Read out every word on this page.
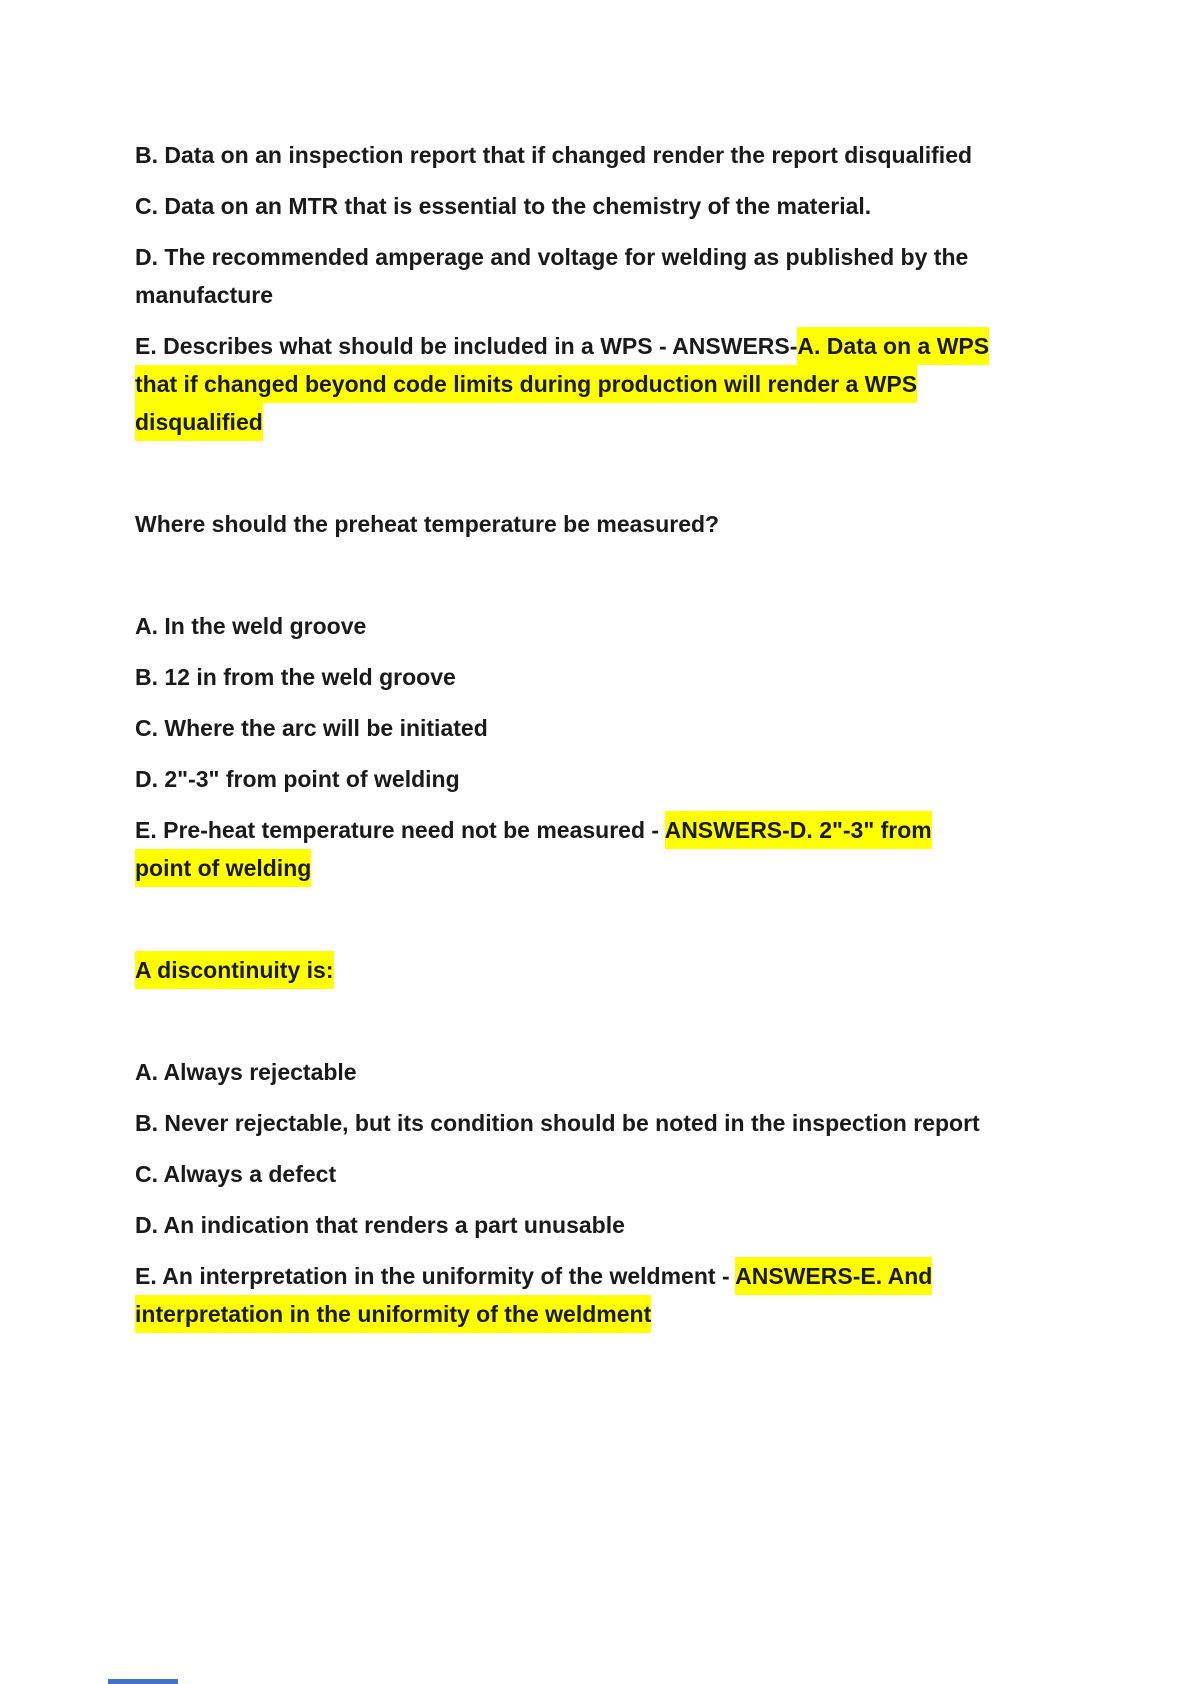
B. Data on an inspection report that if changed render the report disqualified

C. Data on an MTR that is essential to the chemistry of the material.

D. The recommended amperage and voltage for welding as published by the manufacture

E. Describes what should be included in a WPS - ANSWERS-A. Data on a WPS that if changed beyond code limits during production will render a WPS disqualified

Where should the preheat temperature be measured?

A. In the weld groove

B. 12 in from the weld groove

C. Where the arc will be initiated

D. 2"-3" from point of welding

E. Pre-heat temperature need not be measured - ANSWERS-D. 2"-3" from point of welding

A discontinuity is:

A. Always rejectable

B. Never rejectable, but its condition should be noted in the inspection report

C. Always a defect

D. An indication that renders a part unusable

E. An interpretation in the uniformity of the weldment - ANSWERS-E. And interpretation in the uniformity of the weldment
